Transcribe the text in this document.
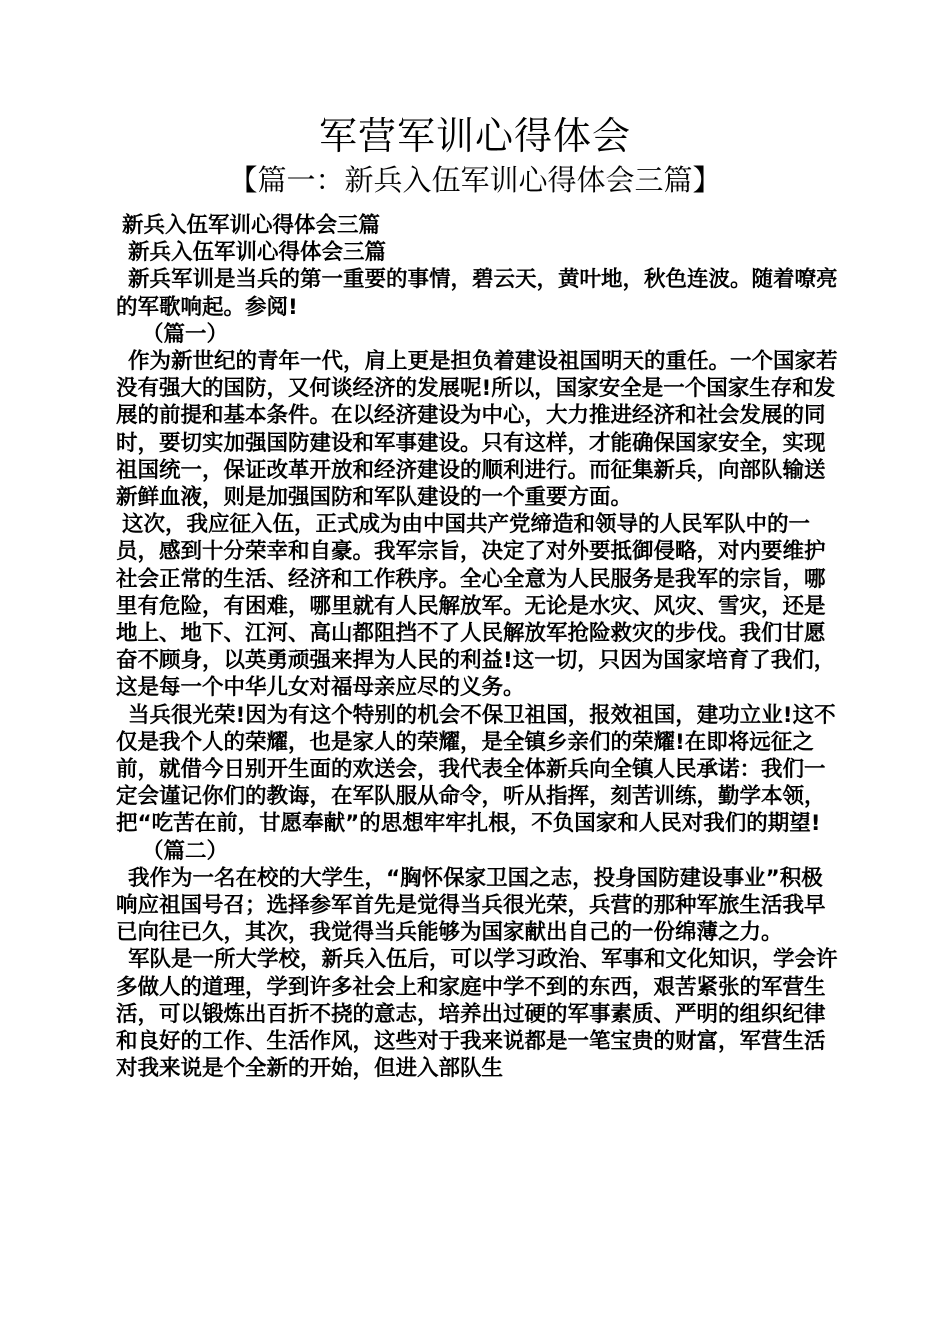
军营军训心得体会
【篇一：新兵入伍军训心得体会三篇】

新兵入伍军训心得体会三篇

新兵入伍军训心得体会三篇

新兵军训是当兵的第一重要的事情，碧云天，黄叶地，秋色连波。随着嘹亮的军歌响起。参阅!

（篇一）

作为新世纪的青年一代，肩上更是担负着建设祖国明天的重任。一个国家若没有强大的国防，又何谈经济的发展呢!所以，国家安全是一个国家生存和发展的前提和基本条件。在以经济建设为中心，大力推进经济和社会发展的同时，要切实加强国防建设和军事建设。只有这样，才能确保国家安全，实现祖国统一，保证改革开放和经济建设的顺利进行。而征集新兵，向部队输送新鲜血液，则是加强国防和军队建设的一个重要方面。

这次，我应征入伍，正式成为由中国共产党缔造和领导的人民军队中的一员，感到十分荣幸和自豪。我军宗旨，决定了对外要抵御侵略，对内要维护社会正常的生活、经济和工作秩序。全心全意为人民服务是我军的宗旨，哪里有危险，有困难，哪里就有人民解放军。无论是水灾、风灾、雪灾，还是地上、地下、江河、高山都阻挡不了人民解放军抢险救灾的步伐。我们甘愿奋不顾身，以英勇顽强来捍为人民的利益!这一切，只因为国家培育了我们，这是每一个中华儿女对福母亲应尽的义务。

当兵很光荣!因为有这个特别的机会不保卫祖国，报效祖国，建功立业!这不仅是我个人的荣耀，也是家人的荣耀，是全镇乡亲们的荣耀!在即将远征之前，就借今日别开生面的欢送会，我代表全体新兵向全镇人民承诺：我们一定会谨记你们的教诲，在军队服从命令，听从指挥，刻苦训练，勤学本领，把“吃苦在前，甘愿奉献”的思想牢牢扎根，不负国家和人民对我们的期望!

（篇二）

我作为一名在校的大学生，“胸怀保家卫国之志，投身国防建设事业”积极响应祖国号召；选择参军首先是觉得当兵很光荣，兵营的那种军旅生活我早已向往已久，其次，我觉得当兵能够为国家献出自己的一份绵薄之力。

军队是一所大学校，新兵入伍后，可以学习政治、军事和文化知识，学会许多做人的道理，学到许多社会上和家庭中学不到的东西，艰苦紧张的军营生活，可以锻炼出百折不挠的意志，培养出过硬的军事素质、严明的组织纪律和良好的工作、生活作风，这些对于我来说都是一笔宝贵的财富，军营生活对我来说是个全新的开始，但进入部队生
